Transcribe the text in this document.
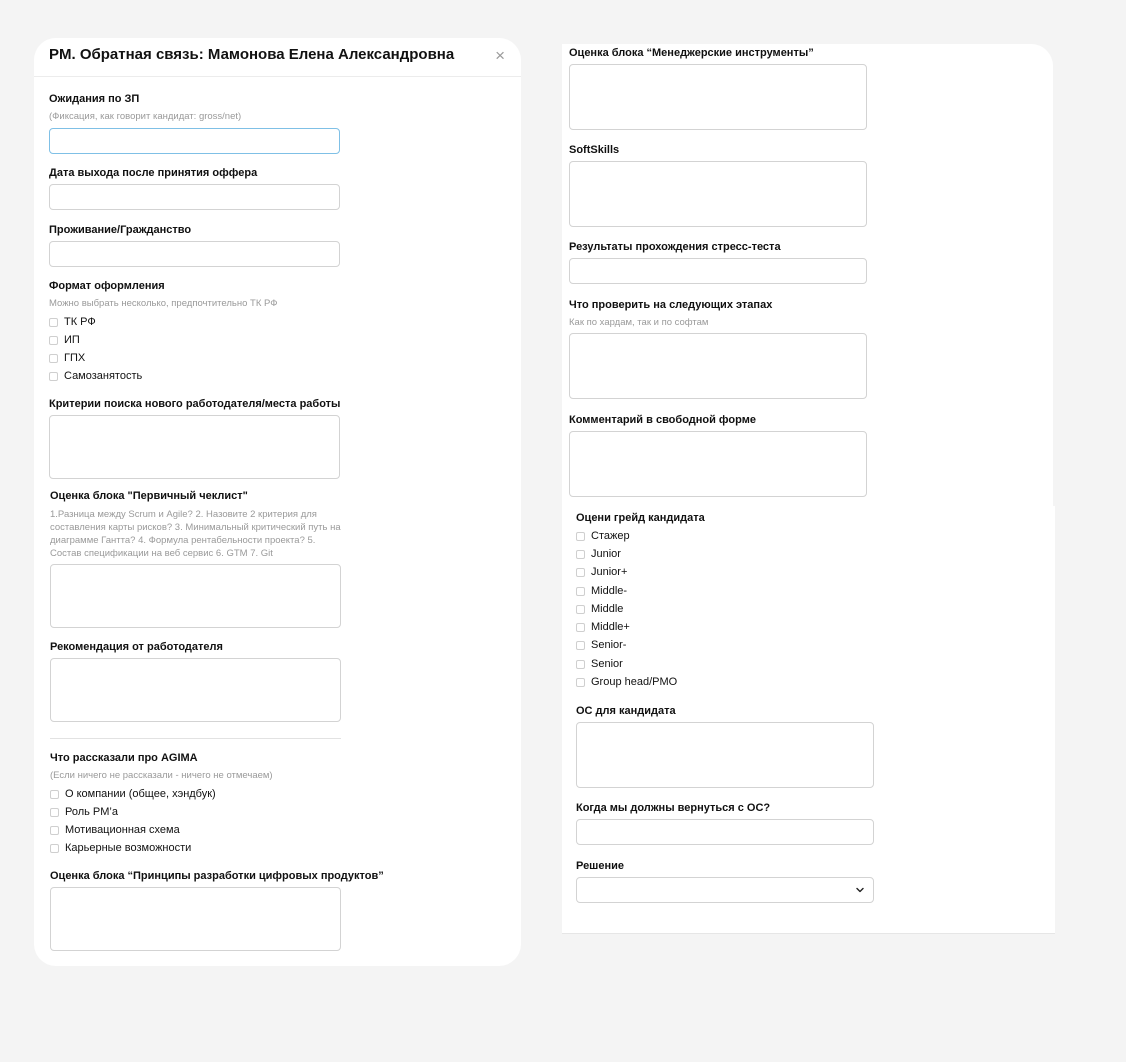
PM. Обратная связь: Мамонова Елена Александровна ×
Ожидания по ЗП
(Фиксация, как говорит кандидат: gross/net)
Дата выхода после принятия оффера
Проживание/Гражданство
Формат оформления
Можно выбрать несколько, предпочтительно ТК РФ
ТК РФ
ИП
ГПХ
Самозанятость
Критерии поиска нового работодателя/места работы
Оценка блока "Первичный чеклист"
1.Разница между Scrum и Agile? 2. Назовите 2 критерия для
составления карты рисков? 3. Минимальный критический путь на
диаграмме Гантта? 4. Формула рентабельности проекта? 5.
Состав спецификации на веб сервис 6. GTM 7. Git
Рекомендация от работодателя
Что рассказали про AGIMA
(Если ничего не рассказали - ничего не отмечаем)
О компании (общее, хэндбук)
Роль PM’а
Мотивационная схема
Карьерные возможности
Оценка блока “Принципы разработки цифровых продуктов”
Оценка блока “Менеджерские инструменты”
SoftSkills
Результаты прохождения стресс-теста
Что проверить на следующих этапах
Как по хардам, так и по софтам
Комментарий в свободной форме
Оцени грейд кандидата
Стажер
Junior
Junior+
Middle-
Middle
Middle+
Senior-
Senior
Group head/PMO
ОС для кандидата
Когда мы должны вернуться с ОС?
Решение
